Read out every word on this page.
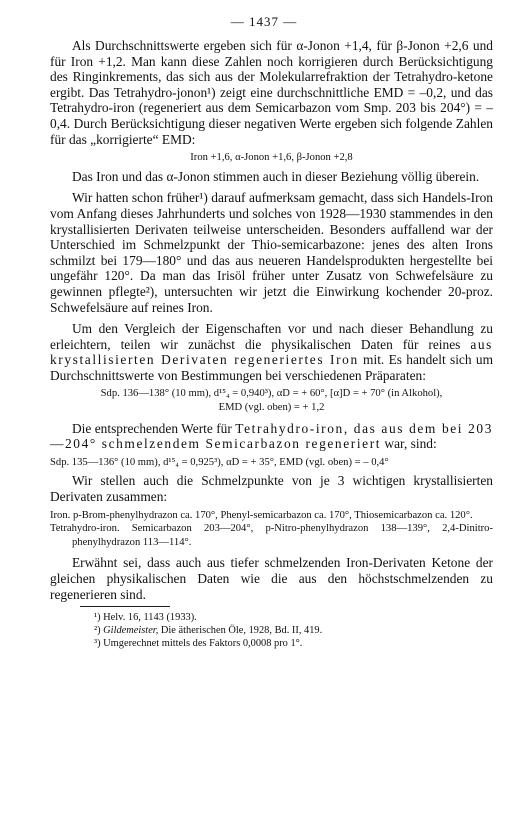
— 1437 —

Als Durchschnittswerte ergeben sich für α-Jonon +1,4, für β-Jonon +2,6 und für Iron +1,2. Man kann diese Zahlen noch korrigieren durch Berücksichtigung des Ringinkrements, das sich aus der Molekularrefraktion der Tetrahydro-ketone ergibt. Das Tetrahydro-jonon¹) zeigt eine durchschnittliche EMD = –0,2, und das Tetrahydro-iron (regeneriert aus dem Semicarbazon vom Smp. 203 bis 204°) = –0,4. Durch Berücksichtigung dieser negativen Werte ergeben sich folgende Zahlen für das „korrigierte“ EMD:

Iron +1,6, α-Jonon +1,6, β-Jonon +2,8

Das Iron und das α-Jonon stimmen auch in dieser Beziehung völlig überein.

Wir hatten schon früher¹) darauf aufmerksam gemacht, dass sich Handels-Iron vom Anfang dieses Jahrhunderts und solches von 1928—1930 stammendes in den krystallisierten Derivaten teilweise unterscheiden. Besonders auffallend war der Unterschied im Schmelzpunkt der Thio-semicarbazone: jenes des alten Irons schmilzt bei 179—180° und das aus neueren Handelsprodukten hergestellte bei ungefähr 120°. Da man das Irisöl früher unter Zusatz von Schwefelsäure zu gewinnen pflegte²), untersuchten wir jetzt die Einwirkung kochender 20-proz. Schwefelsäure auf reines Iron.

Um den Vergleich der Eigenschaften vor und nach dieser Behandlung zu erleichtern, teilen wir zunächst die physikalischen Daten für reines aus krystallisierten Derivaten regeneriertes Iron mit. Es handelt sich um Durchschnittswerte von Bestimmungen bei verschiedenen Präparaten:

Sdp. 136—138° (10 mm), d¹⁵₄ = 0,940³), αD = + 60°, [α]D = + 70° (in Alkohol),

EMD (vgl. oben) = + 1,2

Die entsprechenden Werte für Tetrahydro-iron, das aus dem bei 203—204° schmelzendem Semicarbazon regeneriert war, sind:

Sdp. 135—136° (10 mm), d¹⁵₄ = 0,925³), αD = + 35°, EMD (vgl. oben) = – 0,4°

Wir stellen auch die Schmelzpunkte von je 3 wichtigen krystallisierten Derivaten zusammen:

Iron. p-Brom-phenylhydrazon ca. 170°, Phenyl-semicarbazon ca. 170°, Thiosemicarbazon ca. 120°.

Tetrahydro-iron. Semicarbazon 203—204°, p-Nitro-phenylhydrazon 138—139°, 2,4-Dinitro-phenylhydrazon 113—114°.

Erwähnt sei, dass auch aus tiefer schmelzenden Iron-Derivaten Ketone der gleichen physikalischen Daten wie die aus den höchstschmelzenden zu regenerieren sind.

¹) Helv. 16, 1143 (1933).

²) Gildemeister, Die ätherischen Öle, 1928, Bd. II, 419.

³) Umgerechnet mittels des Faktors 0,0008 pro 1°.
